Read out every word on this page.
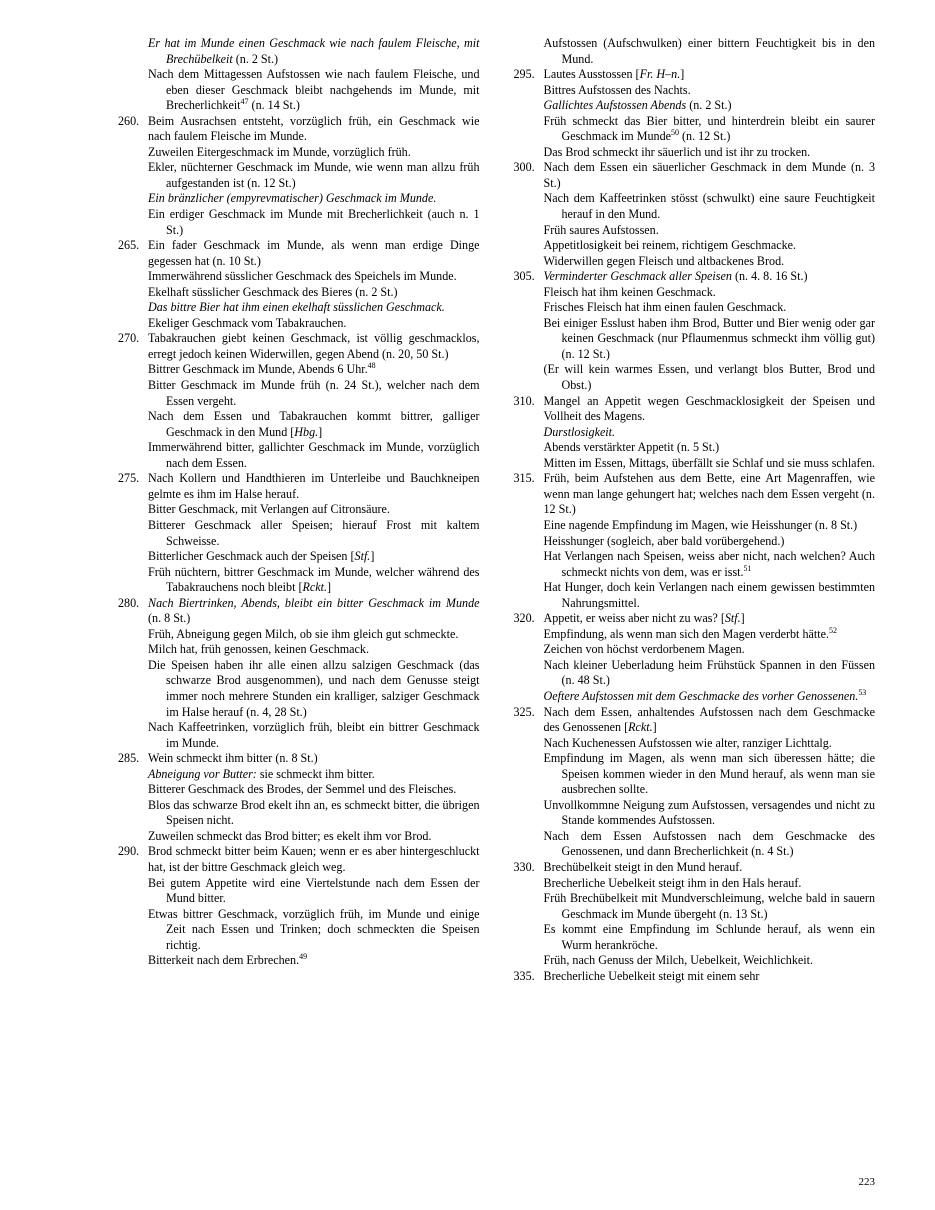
Er hat im Munde einen Geschmack wie nach faulem Fleische, mit Brechübelkeit (n. 2 St.)

Nach dem Mittagessen Aufstossen wie nach faulem Fleische, und eben dieser Geschmack bleibt nachgehends im Munde, mit Brecherlichkeit$^{47}$ (n. 14 St.)

260. Beim Ausrachsen entsteht, vorzüglich früh, ein Geschmack wie nach faulem Fleische im Munde.

Zuweilen Eitergeschmack im Munde, vorzüglich früh.

Ekler, nüchterner Geschmack im Munde, wie wenn man allzu früh aufgestanden ist (n. 12 St.)

Ein bränzlicher (empyrevmatischer) Geschmack im Munde.

Ein erdiger Geschmack im Munde mit Brecherlichkeit (auch n. 1 St.)

265. Ein fader Geschmack im Munde, als wenn man erdige Dinge gegessen hat (n. 10 St.)

Immerwährend süsslicher Geschmack des Speichels im Munde.

Ekelhaft süsslicher Geschmack des Bieres (n. 2 St.)

Das bittre Bier hat ihm einen ekelhaft süsslichen Geschmack.

Ekeliger Geschmack vom Tabakrauchen.

270. Tabakrauchen giebt keinen Geschmack, ist völlig geschmacklos, erregt jedoch keinen Widerwillen, gegen Abend (n. 20, 50 St.)

Bittrer Geschmack im Munde, Abends 6 Uhr.$^{48}$

Bitter Geschmack im Munde früh (n. 24 St.), welcher nach dem Essen vergeht.

Nach dem Essen und Tabakrauchen kommt bittrer, galliger Geschmack in den Mund [Hbg.]

Immerwährend bitter, gallichter Geschmack im Munde, vorzüglich nach dem Essen.

275. Nach Kollern und Handthieren im Unterleibe und Bauchkneipen gelmte es ihm im Halse herauf.

Bitter Geschmack, mit Verlangen auf Citronsäure.

Bitterer Geschmack aller Speisen; hierauf Frost mit kaltem Schweisse.

Bitterlicher Geschmack auch der Speisen [Stf.]

Früh nüchtern, bittrer Geschmack im Munde, welcher während des Tabakrauchens noch bleibt [Rckt.]

280. Nach Biertrinken, Abends, bleibt ein bitter Geschmack im Munde (n. 8 St.)

Früh, Abneigung gegen Milch, ob sie ihm gleich gut schmeckte.

Milch hat, früh genossen, keinen Geschmack.

Die Speisen haben ihr alle einen allzu salzigen Geschmack (das schwarze Brod ausgenommen), und nach dem Genusse steigt immer noch mehrere Stunden ein kralliger, salziger Geschmack im Halse herauf (n. 4, 28 St.)

Nach Kaffeetrinken, vorzüglich früh, bleibt ein bittrer Geschmack im Munde.

285. Wein schmeckt ihm bitter (n. 8 St.)

Abneigung vor Butter: sie schmeckt ihm bitter.

Bitterer Geschmack des Brodes, der Semmel und des Fleisches.

Blos das schwarze Brod ekelt ihn an, es schmeckt bitter, die übrigen Speisen nicht.

Zuweilen schmeckt das Brod bitter; es ekelt ihm vor Brod.

290. Brod schmeckt bitter beim Kauen; wenn er es aber hintergeschluckt hat, ist der bittre Geschmack gleich weg.

Bei gutem Appetite wird eine Viertelstunde nach dem Essen der Mund bitter.

Etwas bittrer Geschmack, vorzüglich früh, im Munde und einige Zeit nach Essen und Trinken; doch schmeckten die Speisen richtig.

Bitterkeit nach dem Erbrechen.$^{49}$

Aufstossen (Aufschwulken) einer bittern Feuchtigkeit bis in den Mund.

295. Lautes Ausstossen [Fr. H–n.]

Bittres Aufstossen des Nachts.

Gallichtes Aufstossen Abends (n. 2 St.)

Früh schmeckt das Bier bitter, und hinterdrein bleibt ein saurer Geschmack im Munde$^{50}$ (n. 12 St.)

Das Brod schmeckt ihr säuerlich und ist ihr zu trocken.

300. Nach dem Essen ein säuerlicher Geschmack in dem Munde (n. 3 St.)

Nach dem Kaffeetrinken stösst (schwulkt) eine saure Feuchtigkeit herauf in den Mund.

Früh saures Aufstossen.

Appetitlosigkeit bei reinem, richtigem Geschmacke.

Widerwillen gegen Fleisch und altbackenes Brod.

305. Verminderter Geschmack aller Speisen (n. 4. 8. 16 St.)

Fleisch hat ihm keinen Geschmack.

Frisches Fleisch hat ihm einen faulen Geschmack.

Bei einiger Esslust haben ihm Brod, Butter und Bier wenig oder gar keinen Geschmack (nur Pflaumenmus schmeckt ihm völlig gut) (n. 12 St.)

(Er will kein warmes Essen, und verlangt blos Butter, Brod und Obst.)

310. Mangel an Appetit wegen Geschmacklosigkeit der Speisen und Vollheit des Magens.

Durstlosigkeit.

Abends verstärkter Appetit (n. 5 St.)

Mitten im Essen, Mittags, überfällt sie Schlaf und sie muss schlafen.

315. Früh, beim Aufstehen aus dem Bette, eine Art Magenraffen, wie wenn man lange gehungert hat; welches nach dem Essen vergeht (n. 12 St.)

Eine nagende Empfindung im Magen, wie Heisshunger (n. 8 St.)

Heisshunger (sogleich, aber bald vorübergehend.)

Hat Verlangen nach Speisen, weiss aber nicht, nach welchen? Auch schmeckt nichts von dem, was er isst.$^{51}$

Hat Hunger, doch kein Verlangen nach einem gewissen bestimmten Nahrungsmittel.

320. Appetit, er weiss aber nicht zu was? [Stf.]

Empfindung, als wenn man sich den Magen verderbt hätte.$^{52}$

Zeichen von höchst verdorbenem Magen.

Nach kleiner Ueberladung heim Frühstück Spannen in den Füssen (n. 48 St.)

Oeftere Aufstossen mit dem Geschmacke des vorher Genossenen.$^{53}$

325. Nach dem Essen, anhaltendes Aufstossen nach dem Geschmacke des Genossenen [Rckt.]

Nach Kuchenessen Aufstossen wie alter, ranziger Lichttalg.

Empfindung im Magen, als wenn man sich überessen hätte; die Speisen kommen wieder in den Mund herauf, als wenn man sie ausbrechen sollte.

Unvollkommne Neigung zum Aufstossen, versagendes und nicht zu Stande kommendes Aufstossen.

Nach dem Essen Aufstossen nach dem Geschmacke des Genossenen, und dann Brecherlichkeit (n. 4 St.)

330. Brechübelkeit steigt in den Mund herauf.

Brecherliche Uebelkeit steigt ihm in den Hals herauf.

Früh Brechübelkeit mit Mundverschleimung, welche bald in sauern Geschmack im Munde übergeht (n. 13 St.)

Es kommt eine Empfindung im Schlunde herauf, als wenn ein Wurm herankröche.

Früh, nach Genuss der Milch, Uebelkeit, Weichlichkeit.

335. Brecherliche Uebelkeit steigt mit einem sehr

223
